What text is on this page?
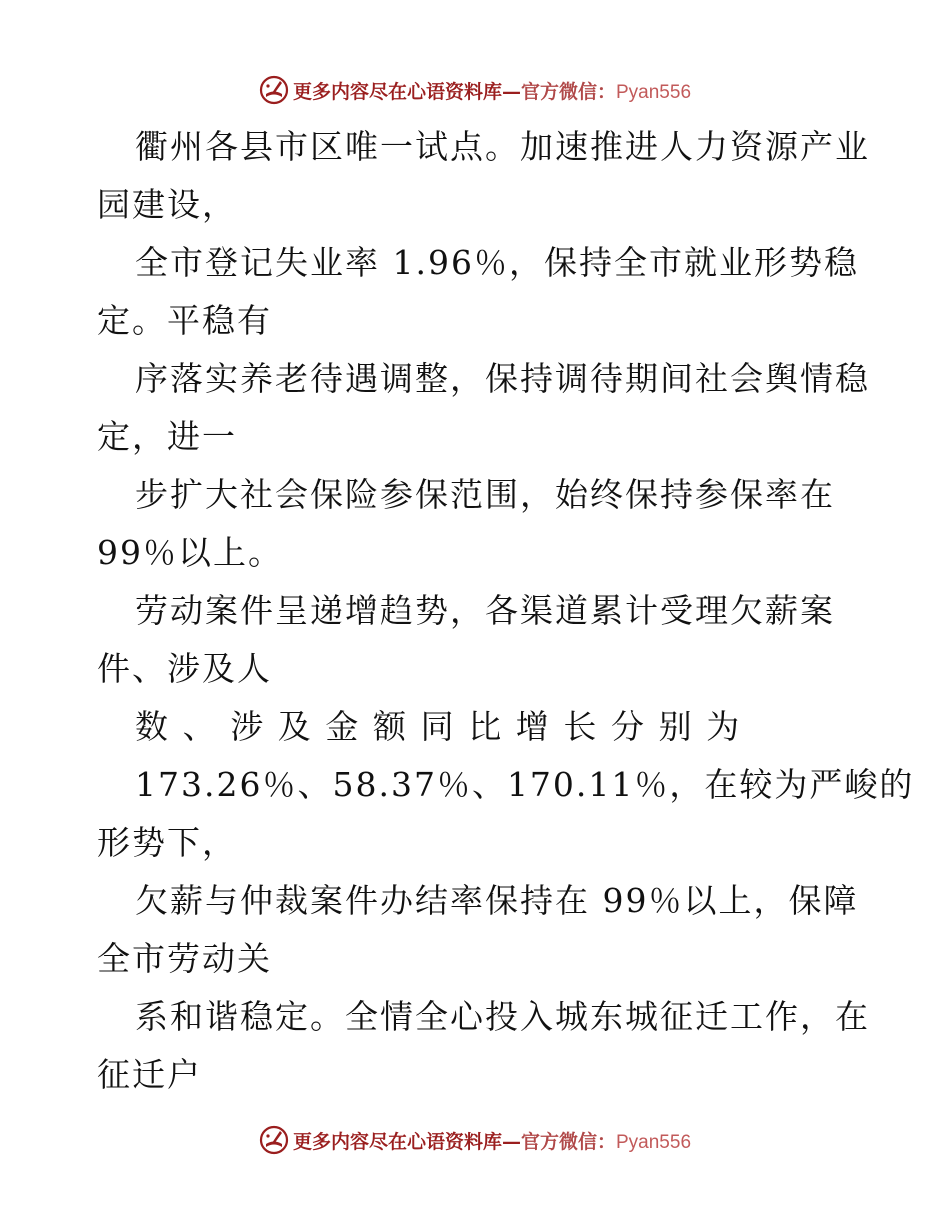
更多内容尽在心语资料库—官方微信：Pyan556
衢州各县市区唯一试点。加速推进人力资源产业
园建设，
全市登记失业率 1.96％，保持全市就业形势稳
定。平稳有
序落实养老待遇调整，保持调待期间社会舆情稳
定，进一
步扩大社会保险参保范围，始终保持参保率在
99％以上。
劳动案件呈递增趋势，各渠道累计受理欠薪案
件、涉及人
数、涉及金额同比增长分别为
173.26％、58.37％、170.11％，在较为严峻的
形势下，
欠薪与仲裁案件办结率保持在 99％以上，保障
全市劳动关
系和谐稳定。全情全心投入城东城征迁工作，在
征迁户
更多内容尽在心语资料库—官方微信：Pyan556
